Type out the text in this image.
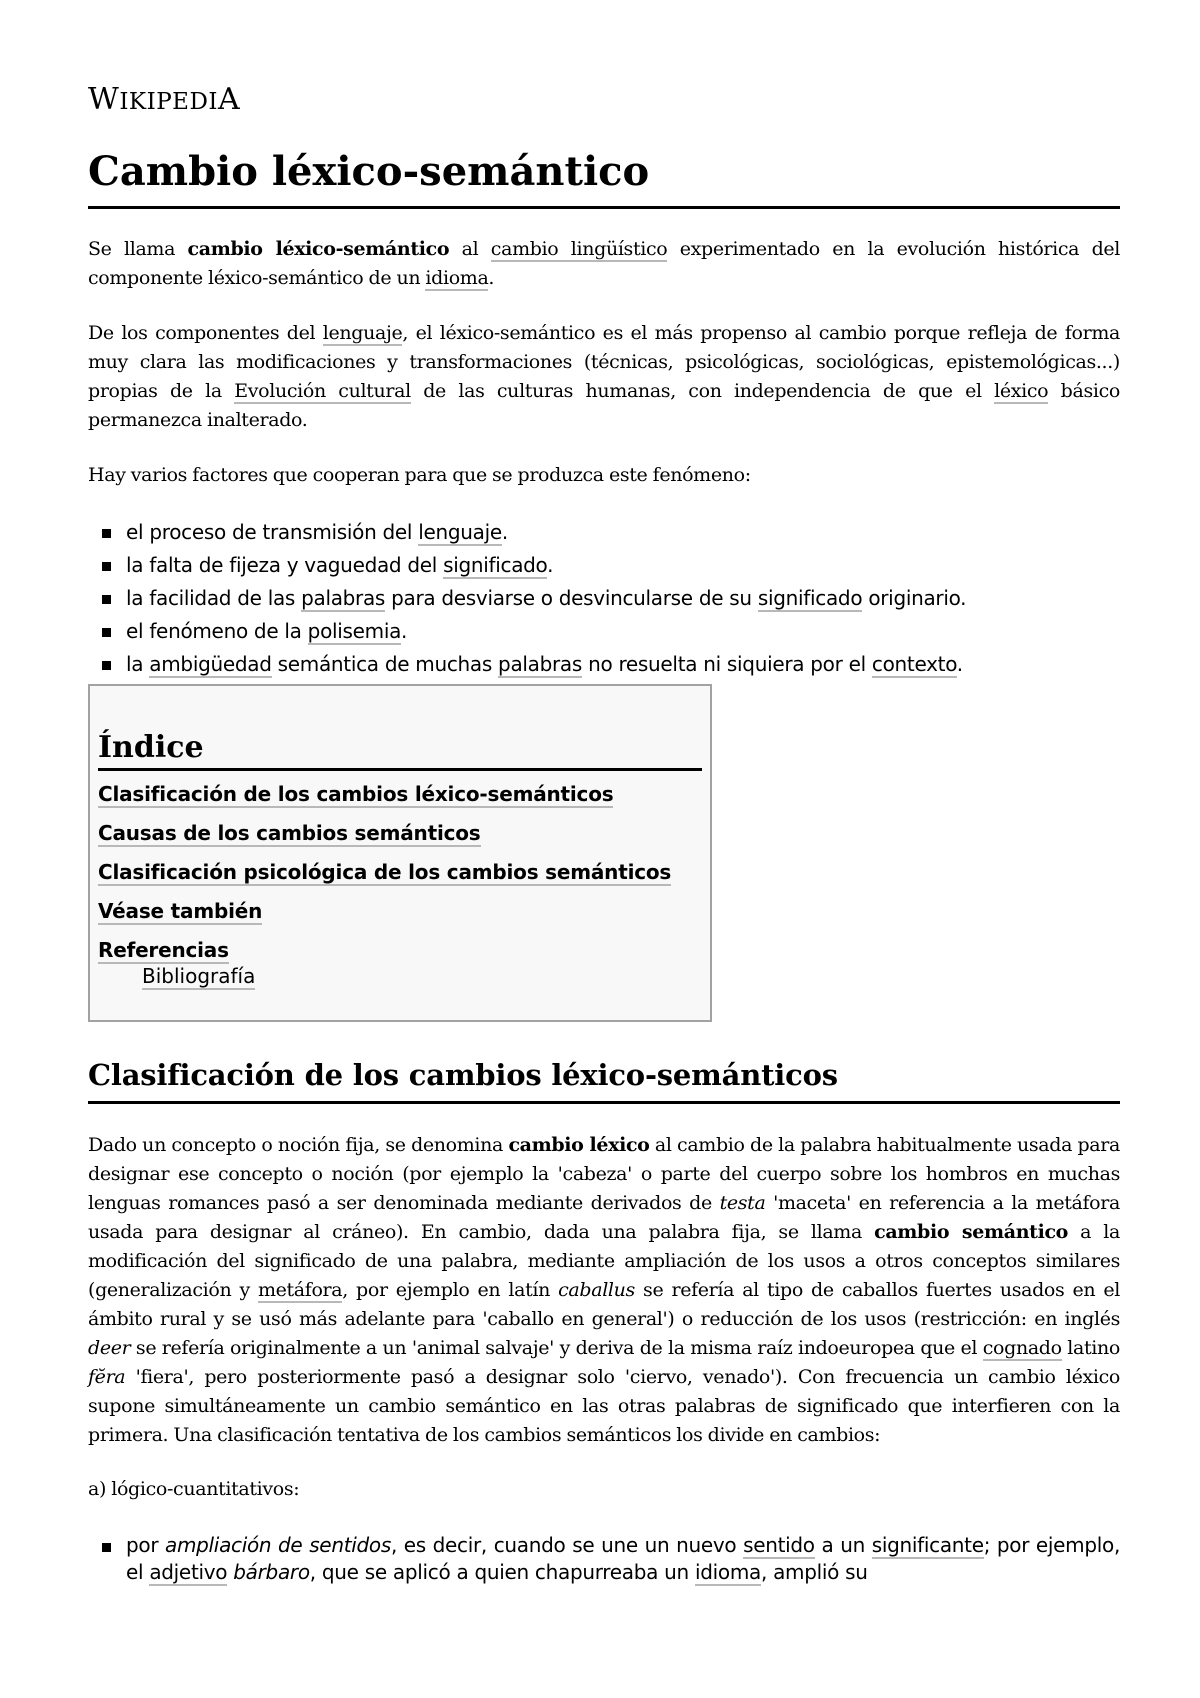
WIKIPEDIA
Cambio léxico-semántico

Se llama cambio léxico-semántico al cambio lingüístico experimentado en la evolución histórica del componente léxico-semántico de un idioma.

De los componentes del lenguaje, el léxico-semántico es el más propenso al cambio porque refleja de forma muy clara las modificaciones y transformaciones (técnicas, psicológicas, sociológicas, epistemológicas...) propias de la Evolución cultural de las culturas humanas, con independencia de que el léxico básico permanezca inalterado.

Hay varios factores que cooperan para que se produzca este fenómeno:

el proceso de transmisión del lenguaje.
la falta de fijeza y vaguedad del significado.
la facilidad de las palabras para desviarse o desvincularse de su significado originario.
el fenómeno de la polisemia.
la ambigüedad semántica de muchas palabras no resuelta ni siquiera por el contexto.
Índice
Clasificación de los cambios léxico-semánticos
Causas de los cambios semánticos
Clasificación psicológica de los cambios semánticos
Véase también
Referencias
Bibliografía
Clasificación de los cambios léxico-semánticos

Dado un concepto o noción fija, se denomina cambio léxico al cambio de la palabra habitualmente usada para designar ese concepto o noción (por ejemplo la 'cabeza' o parte del cuerpo sobre los hombros en muchas lenguas romances pasó a ser denominada mediante derivados de testa 'maceta' en referencia a la metáfora usada para designar al cráneo). En cambio, dada una palabra fija, se llama cambio semántico a la modificación del significado de una palabra, mediante ampliación de los usos a otros conceptos similares (generalización y metáfora, por ejemplo en latín caballus se refería al tipo de caballos fuertes usados en el ámbito rural y se usó más adelante para 'caballo en general') o reducción de los usos (restricción: en inglés deer se refería originalmente a un 'animal salvaje' y deriva de la misma raíz indoeuropea que el cognado latino fĕra 'fiera', pero posteriormente pasó a designar solo 'ciervo, venado'). Con frecuencia un cambio léxico supone simultáneamente un cambio semántico en las otras palabras de significado que interfieren con la primera. Una clasificación tentativa de los cambios semánticos los divide en cambios:

a) lógico-cuantitativos:

por ampliación de sentidos, es decir, cuando se une un nuevo sentido a un significante; por ejemplo, el adjetivo bárbaro, que se aplicó a quien chapurreaba un idioma, amplió su
